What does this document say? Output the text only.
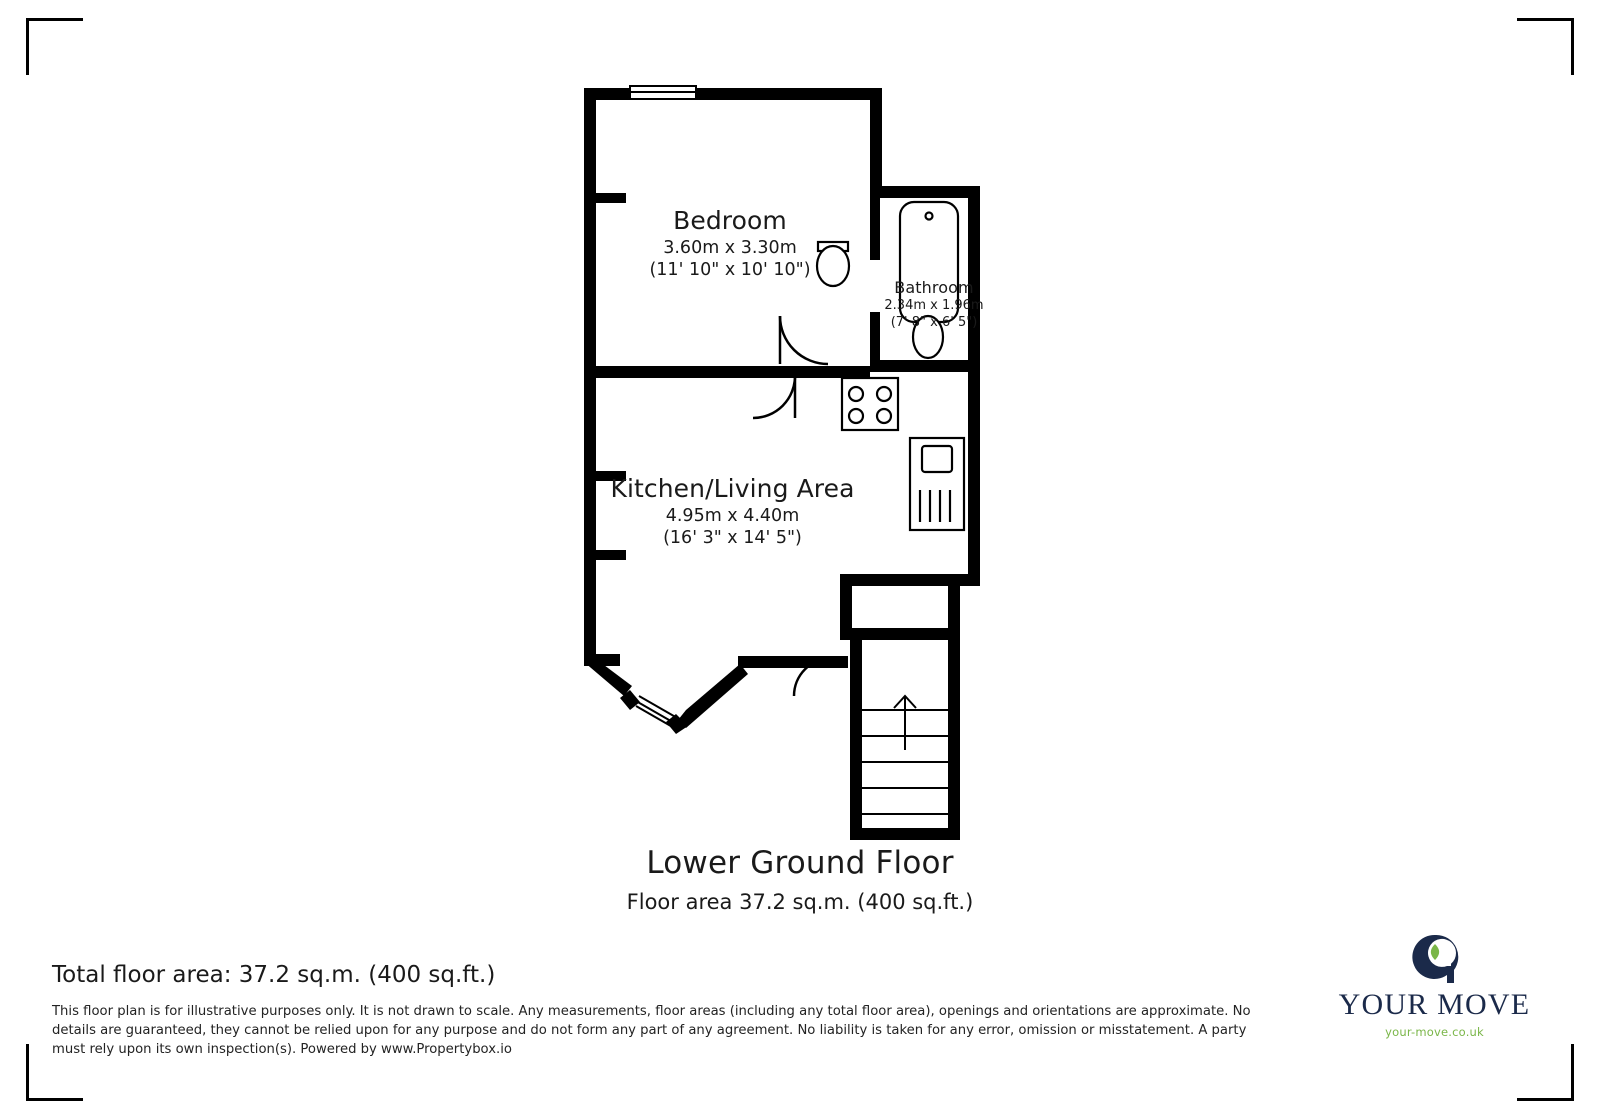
Bedroom
3.60m x 3.30m
(11' 10" x 10' 10")
Kitchen/Living Area
4.95m x 4.40m
(16' 3" x 14' 5")
Bathroom
2.34m x 1.96m
(7' 8" x 6' 5")
Lower Ground Floor
Floor area 37.2 sq.m. (400 sq.ft.)
Total floor area: 37.2 sq.m. (400 sq.ft.)
This floor plan is for illustrative purposes only. It is not drawn to scale. Any measurements, floor areas (including any total floor area), openings and orientations are approximate. No details are guaranteed, they cannot be relied upon for any purpose and do not form any part of any agreement. No liability is taken for any error, omission or misstatement. A party must rely upon its own inspection(s). Powered by www.Propertybox.io
YOUR MOVE
your-move.co.uk
